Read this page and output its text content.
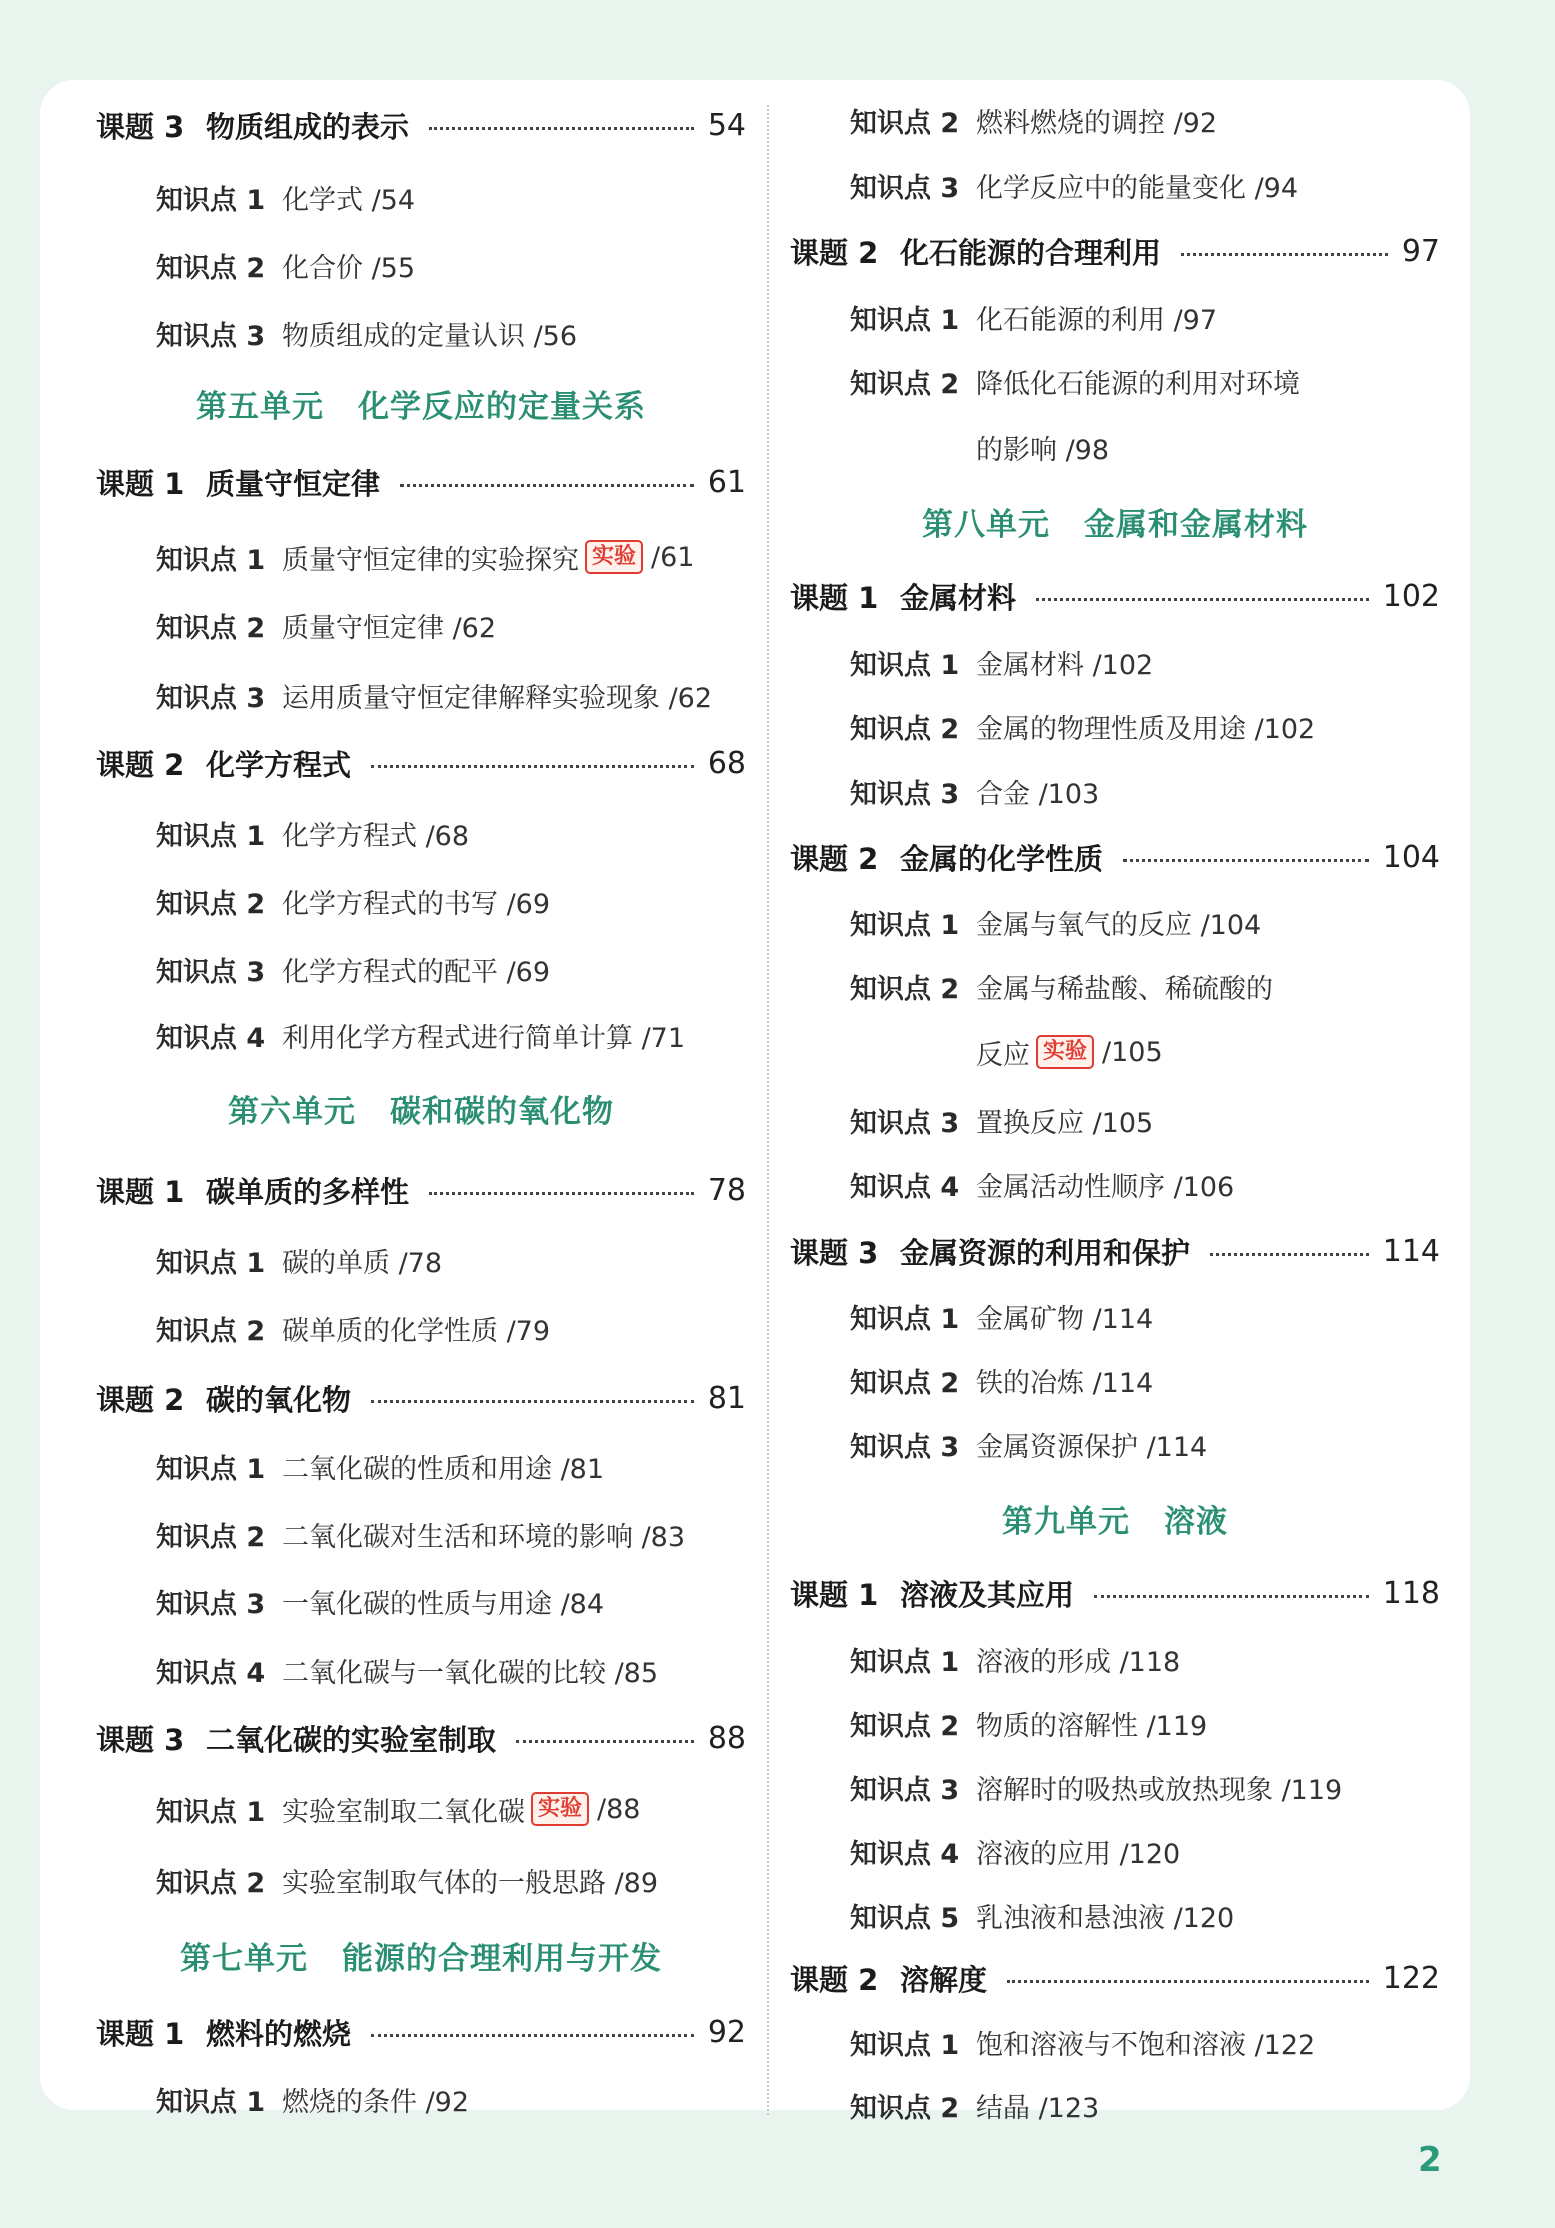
课题 3 物质组成的表示	54
知识点 1 化学式 /54
知识点 2 化合价 /55
知识点 3 物质组成的定量认识 /56
第五单元 化学反应的定量关系
课题 1 质量守恒定律	61
知识点 1 质量守恒定律的实验探究 实验 /61
知识点 2 质量守恒定律 /62
知识点 3 运用质量守恒定律解释实验现象 /62
课题 2 化学方程式	68
知识点 1 化学方程式 /68
知识点 2 化学方程式的书写 /69
知识点 3 化学方程式的配平 /69
知识点 4 利用化学方程式进行简单计算 /71
第六单元 碳和碳的氧化物
课题 1 碳单质的多样性	78
知识点 1 碳的单质 /78
知识点 2 碳单质的化学性质 /79
课题 2 碳的氧化物	81
知识点 1 二氧化碳的性质和用途 /81
知识点 2 二氧化碳对生活和环境的影响 /83
知识点 3 一氧化碳的性质与用途 /84
知识点 4 二氧化碳与一氧化碳的比较 /85
课题 3 二氧化碳的实验室制取	88
知识点 1 实验室制取二氧化碳 实验 /88
知识点 2 实验室制取气体的一般思路 /89
第七单元 能源的合理利用与开发
课题 1 燃料的燃烧	92
知识点 1 燃烧的条件 /92
知识点 2 燃料燃烧的调控 /92
知识点 3 化学反应中的能量变化 /94
课题 2 化石能源的合理利用	97
知识点 1 化石能源的利用 /97
知识点 2 降低化石能源的利用对环境
的影响 /98
第八单元 金属和金属材料
课题 1 金属材料	102
知识点 1 金属材料 /102
知识点 2 金属的物理性质及用途 /102
知识点 3 合金 /103
课题 2 金属的化学性质	104
知识点 1 金属与氧气的反应 /104
知识点 2 金属与稀盐酸、稀硫酸的
反应 实验 /105
知识点 3 置换反应 /105
知识点 4 金属活动性顺序 /106
课题 3 金属资源的利用和保护	114
知识点 1 金属矿物 /114
知识点 2 铁的冶炼 /114
知识点 3 金属资源保护 /114
第九单元 溶液
课题 1 溶液及其应用	118
知识点 1 溶液的形成 /118
知识点 2 物质的溶解性 /119
知识点 3 溶解时的吸热或放热现象 /119
知识点 4 溶液的应用 /120
知识点 5 乳浊液和悬浊液 /120
课题 2 溶解度	122
知识点 1 饱和溶液与不饱和溶液 /122
知识点 2 结晶 /123
2
